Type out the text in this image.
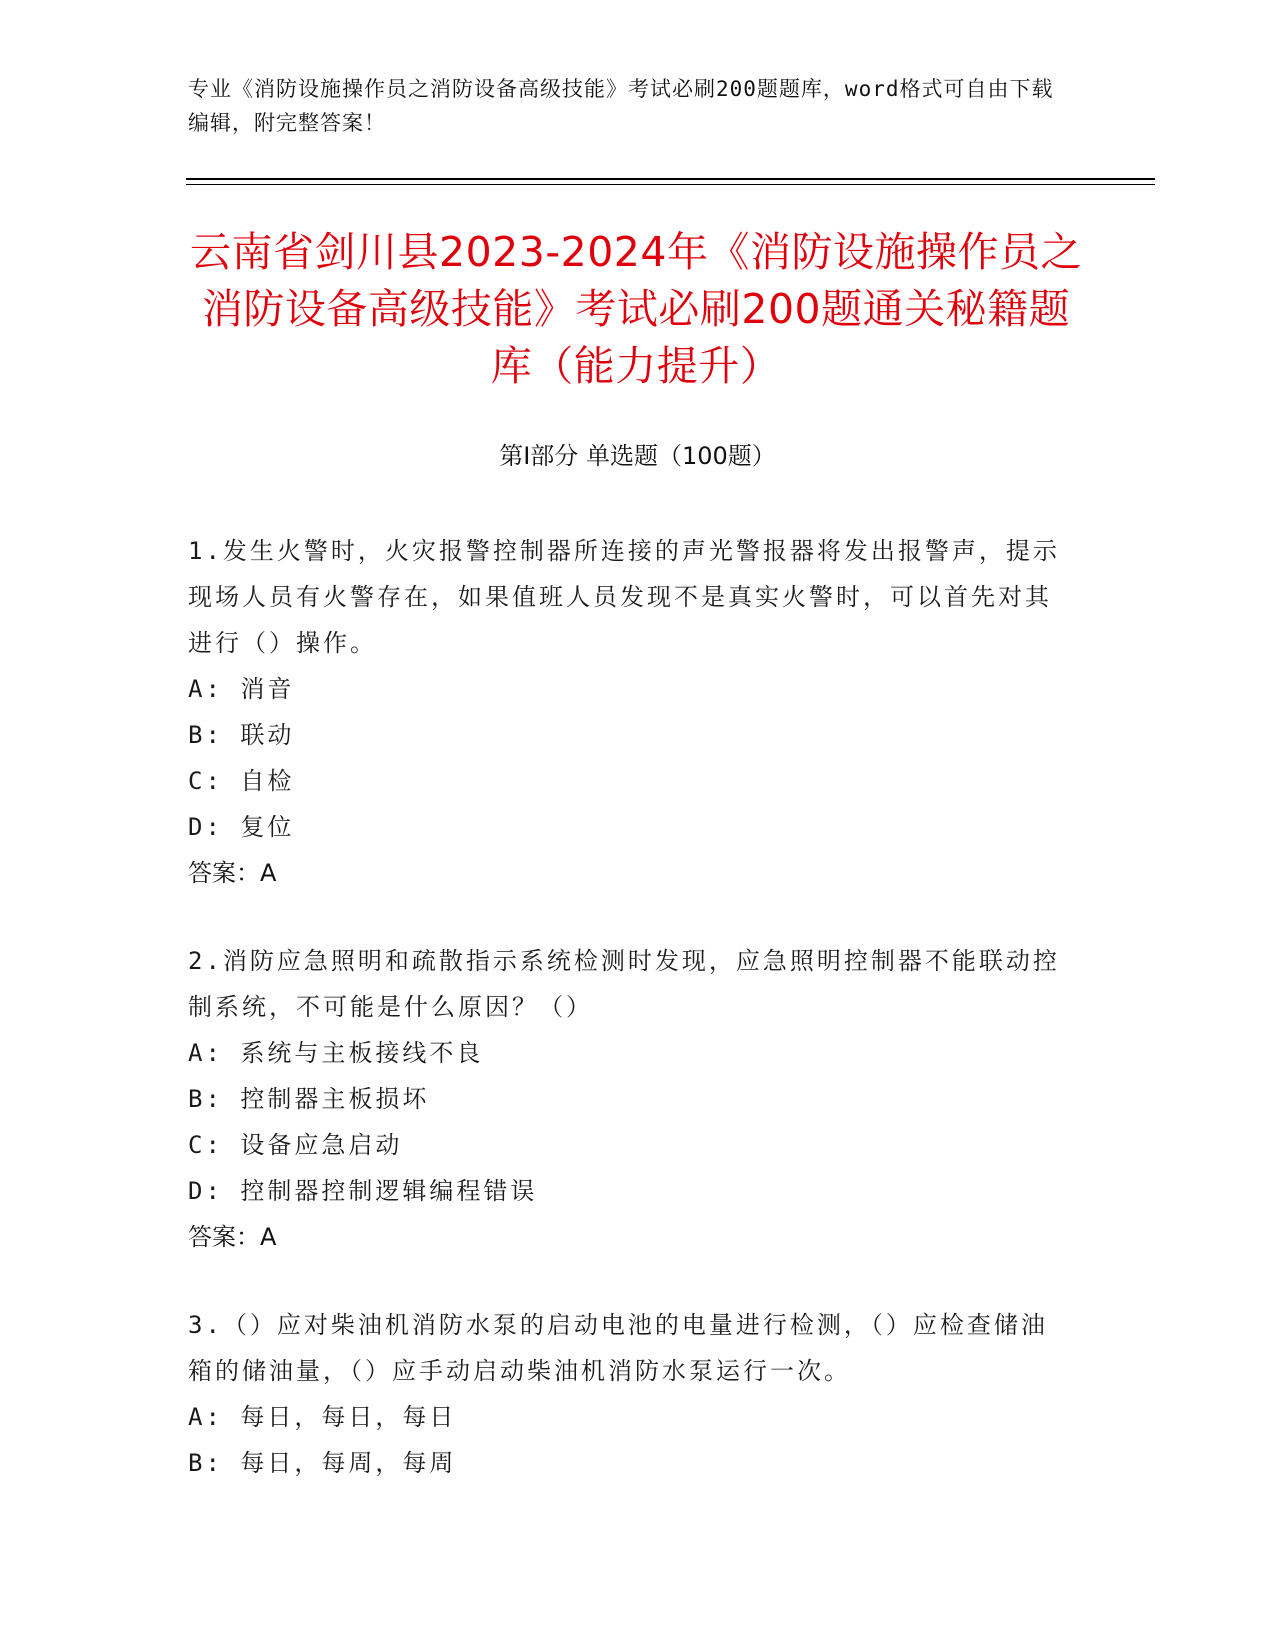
专业《消防设施操作员之消防设备高级技能》考试必刷200题题库，word格式可自由下载编辑，附完整答案！
云南省剑川县2023-2024年《消防设施操作员之消防设备高级技能》考试必刷200题通关秘籍题库（能力提升）
第Ⅰ部分 单选题（100题）

1.发生火警时，火灾报警控制器所连接的声光警报器将发出报警声，提示现场人员有火警存在，如果值班人员发现不是真实火警时，可以首先对其进行（）操作。

A: 消音
B: 联动
C: 自检
D: 复位
答案：A

2.消防应急照明和疏散指示系统检测时发现，应急照明控制器不能联动控制系统，不可能是什么原因？（）

A: 系统与主板接线不良
B: 控制器主板损坏
C: 设备应急启动
D: 控制器控制逻辑编程错误
答案：A

3.（）应对柴油机消防水泵的启动电池的电量进行检测，（）应检查储油箱的储油量，（）应手动启动柴油机消防水泵运行一次。

A: 每日，每日，每日
B: 每日，每周，每周
